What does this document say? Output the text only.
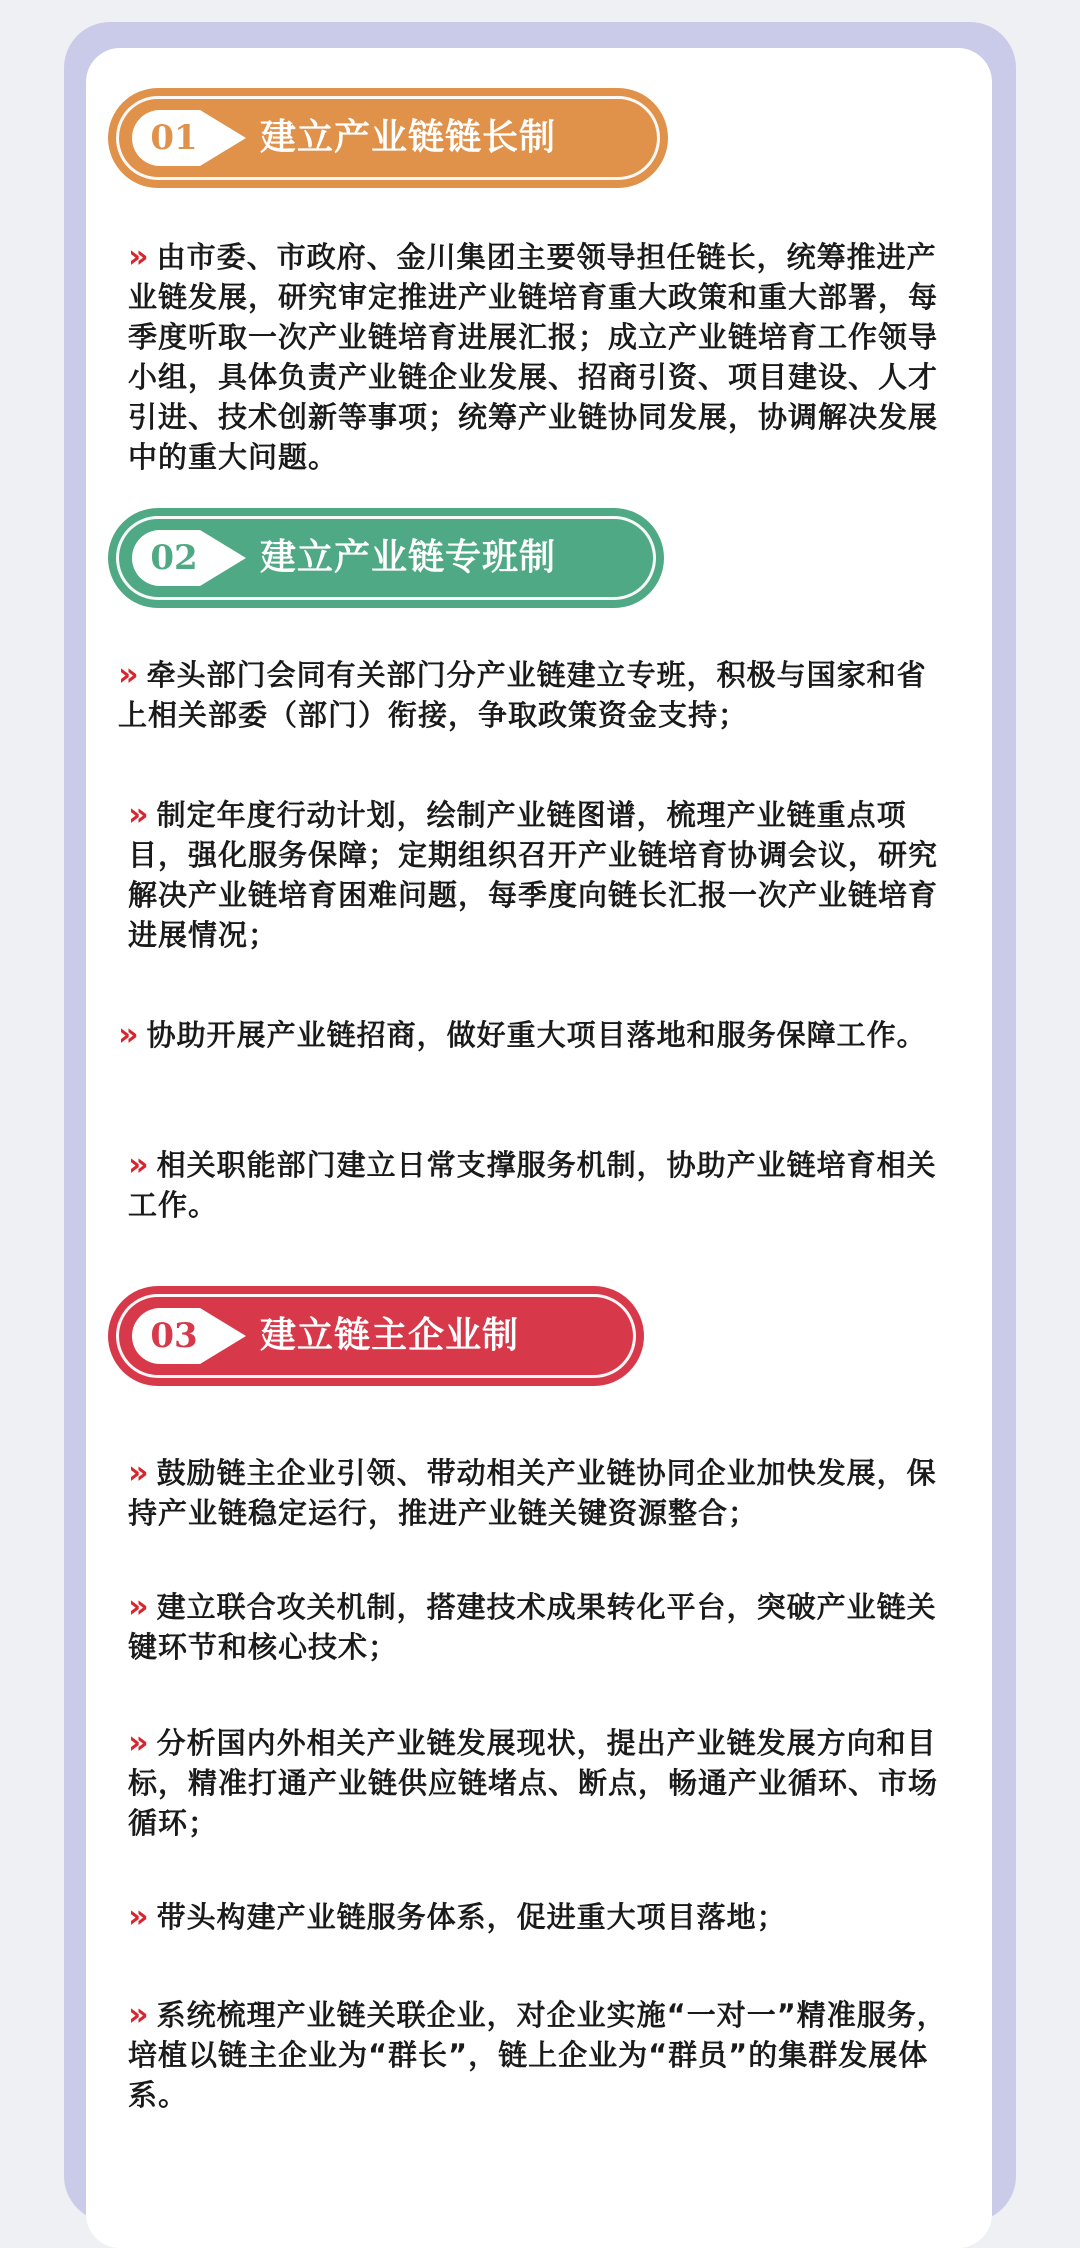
01	建立产业链链长制
» 由市委、市政府、金川集团主要领导担任链长，统筹推进产业链发展，研究审定推进产业链培育重大政策和重大部署，每季度听取一次产业链培育进展汇报；成立产业链培育工作领导小组，具体负责产业链企业发展、招商引资、项目建设、人才引进、技术创新等事项；统筹产业链协同发展，协调解决发展中的重大问题。
02	建立产业链专班制
» 牵头部门会同有关部门分产业链建立专班，积极与国家和省上相关部委（部门）衔接，争取政策资金支持；
» 制定年度行动计划，绘制产业链图谱，梳理产业链重点项目，强化服务保障；定期组织召开产业链培育协调会议，研究解决产业链培育困难问题，每季度向链长汇报一次产业链培育进展情况；
» 协助开展产业链招商，做好重大项目落地和服务保障工作。
» 相关职能部门建立日常支撑服务机制，协助产业链培育相关工作。
03	建立链主企业制
» 鼓励链主企业引领、带动相关产业链协同企业加快发展，保持产业链稳定运行，推进产业链关键资源整合；
» 建立联合攻关机制，搭建技术成果转化平台，突破产业链关键环节和核心技术；
» 分析国内外相关产业链发展现状，提出产业链发展方向和目标，精准打通产业链供应链堵点、断点，畅通产业循环、市场循环；
» 带头构建产业链服务体系，促进重大项目落地；
» 系统梳理产业链关联企业，对企业实施“一对一”精准服务，培植以链主企业为“群长”，链上企业为“群员”的集群发展体系。
